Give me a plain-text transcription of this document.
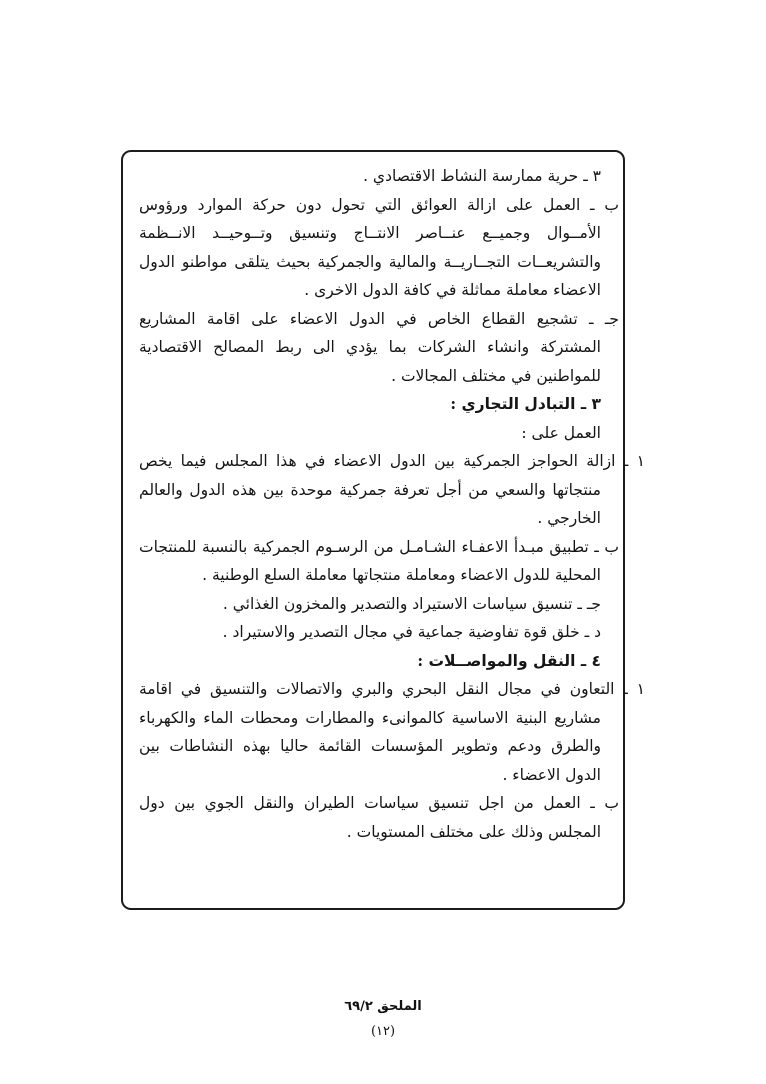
٣ ـ حرية ممارسة النشاط الاقتصادي .

ب ـ العمل على ازالة العوائق التي تحول دون حركة الموارد ورؤوس الأمــوال وجميــع عنــاصر الانتــاج وتنسيق وتــوحيــد الانــظمة والتشريعــات التجــاريــة والمالية والجمركية بحيث يتلقى مواطنو الدول الاعضاء معاملة مماثلة في كافة الدول الاخرى .

جـ ـ تشجيع القطاع الخاص في الدول الاعضاء على اقامة المشاريع المشتركة وانشاء الشركات بما يؤدي الى ربط المصالح الاقتصادية للمواطنين في مختلف المجالات .

٣ ـ التبادل التجاري :

العمل على :

١ ـ ازالة الحواجز الجمركية بين الدول الاعضاء في هذا المجلس فيما يخص منتجاتها والسعي من أجل تعرفة جمركية موحدة بين هذه الدول والعالم الخارجي .

ب ـ تطبيق مبـدأ الاعفـاء الشـامـل من الرسـوم الجمركية بالنسبة للمنتجات المحلية للدول الاعضاء ومعاملة منتجاتها معاملة السلع الوطنية .

جـ ـ تنسيق سياسات الاستيراد والتصدير والمخزون الغذائي .

د ـ خلق قوة تفاوضية جماعية في مجال التصدير والاستيراد .

٤ ـ النقل والمواصــلات :

١ ـ التعاون في مجال النقل البحري والبري والاتصالات والتنسيق في اقامة مشاريع البنية الاساسية كالموانىء والمطارات ومحطات الماء والكهرباء والطرق ودعم وتطوير المؤسسات القائمة حاليا بهذه النشاطات بين الدول الاعضاء .

ب ـ العمل من اجل تنسيق سياسات الطيران والنقل الجوي بين دول المجلس وذلك على مختلف المستويات .

الملحق ٦٩/٢
(١٢)
